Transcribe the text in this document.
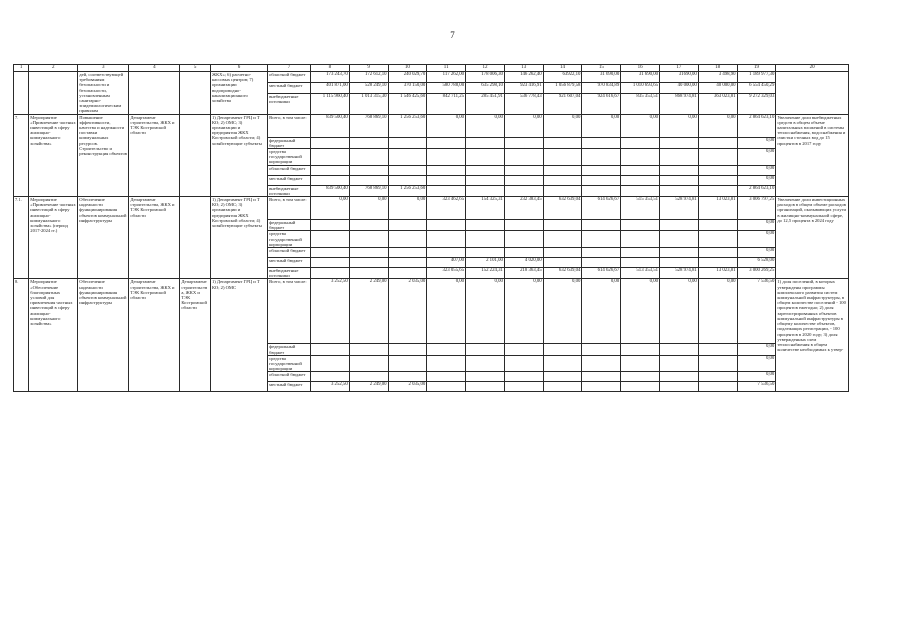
7
1	2	3	4	5	6	7	8	9	10	11	12	13	14	15	16	17	18	19	20
		дей, соответствующей требованиям безопасности и безопасности, установленным санитарно-эпидемиологическим правилам			ЖКХ»; 6) расчетно-кассовых центров; 7) организации водопроводно-канализационного хозяйства	областной бюджет	173 243,70	172 612,10	240 029,70	117 262,00	178 006,30	146 262,40	63922,10	31 690,00	31 690,00	31690,00	3 498,90	1 189 977,30	
						местный бюджет	401 871,00	528 249,10	370 150,00	580 788,00	635 298,10	923 416,91	1 056 879,58	970 834,89	1 010 693,65	40 000,00	40 000,00	6 554 450,29	
						внебюджетные источники	1 115 960,40	1 013 315,30	1 546 425,60	842 711,25	285 451,91	536 778,43	921 607,04	924 616,67	835 353,51	868 974,81	363 023,81	9 272 329,03	
7.	Мероприятие «Привлечение частных инвестиций в сферу жилищно-коммунального хозяйства»	Повышение эффективности, качества и надежности поставки коммунальных ресурсов. Строительство и реконструкция объектов	Департамент строительства, ЖКХ и ТЭК Костромской области		1) Департамент ГРЦ и Т КО; 2) ОМС; 3) организации и предприятия ЖКХ Костромской области; 4) хозяйствующие субъекты	Всего, в том числе:	839 500,40	768 869,10	1 256 253,60	0,00	0,00	0,00	0,00	0,00	0,00	0,00	0,00	2 864 623,10	Увеличение доли внебюджетных средств в общем объеме капитальных вложений в системы теплоснабжения, водоснабжения и очистки сточных вод до 15 процентов в 2017 году
						федеральный бюджет												0,00	
						средства государственной корпорации												0,00	
						областной бюджет												0,00	
						местный бюджет												0,00	
						внебюджетные источники	839 500,40	768 869,10	1 256 253,60									2 864 623,10	
7.1.	Мероприятие «Привлечение частных инвестиций в сферу жилищно-коммунального хозяйства» (период 2017-2024 гг.)	Обеспечение надежности функционирования объектов коммунальной инфраструктуры	Департамент строительства, ЖКХ и ТЭК Костромской области		1) Департамент ГРЦ и Т КО; 2) ОМС; 3) организации и предприятия ЖКХ Костромской области; 4) хозяйствующие субъекты	Всего, в том числе:	0,00	0,00	0,00	323 462,65	154 325,31	232 383,45	632 639,04	614 626,67	515 353,51	528 974,81	13 023,81	3 006 797,25	Увеличение доли инвестиционных расходов в общем объеме расходов организаций, оказывающих услуги в жилищно-коммунальной сфере, до 12,5 процента в 2024 году
						федеральный бюджет												0,00	
						средства государственной корпорации												0,00	
						областной бюджет												0,00	
						местный бюджет				407,00	2 101,00	4 020,00						6 528,00	
						внебюджетные источники				323 055,65	152 224,31	218 363,45	632 639,04	614 626,67	513 353,51	528 974,81	13 023,81	3 000 269,25	
8.	Мероприятие «Обеспечение благоприятных условий для привлечения частных инвестиций в сферу жилищно-коммунального хозяйства»	Обеспечение надежности функционирования объектов коммунальной инфраструктуры	Департамент строительства, ЖКХ и ТЭК Костромской области	Департамент строительства, ЖКХ и ТЭК Костромской области	1) Департамент ГРЦ и Т КО; 2) ОМС	Всего, в том числе:	3 252,50	2 249,00	2 035,00	0,00	0,00	0,00	0,00	0,00	0,00	0,00	0,00	7 536,50	1) доля поселений, в которых утверждены программы комплексного развития систем коммунальной инфраструктуры, в общем количестве поселений - 100 процентов ежегодно; 2) доля зарегистрированных объектов коммунальной инфраструктуры в общему количестве объектов, подлежащих регистрации, - 100 процентов в 2020 году; 3) доля утвержденных схем теплоснабжения в общем количестве необходимых к утвер-
						федеральный бюджет												0,00	
						средства государственной корпорации												0,00	
						областной бюджет												0,00	
						местный бюджет	3 252,50	2 249,00	2 035,00									7 536,50	
